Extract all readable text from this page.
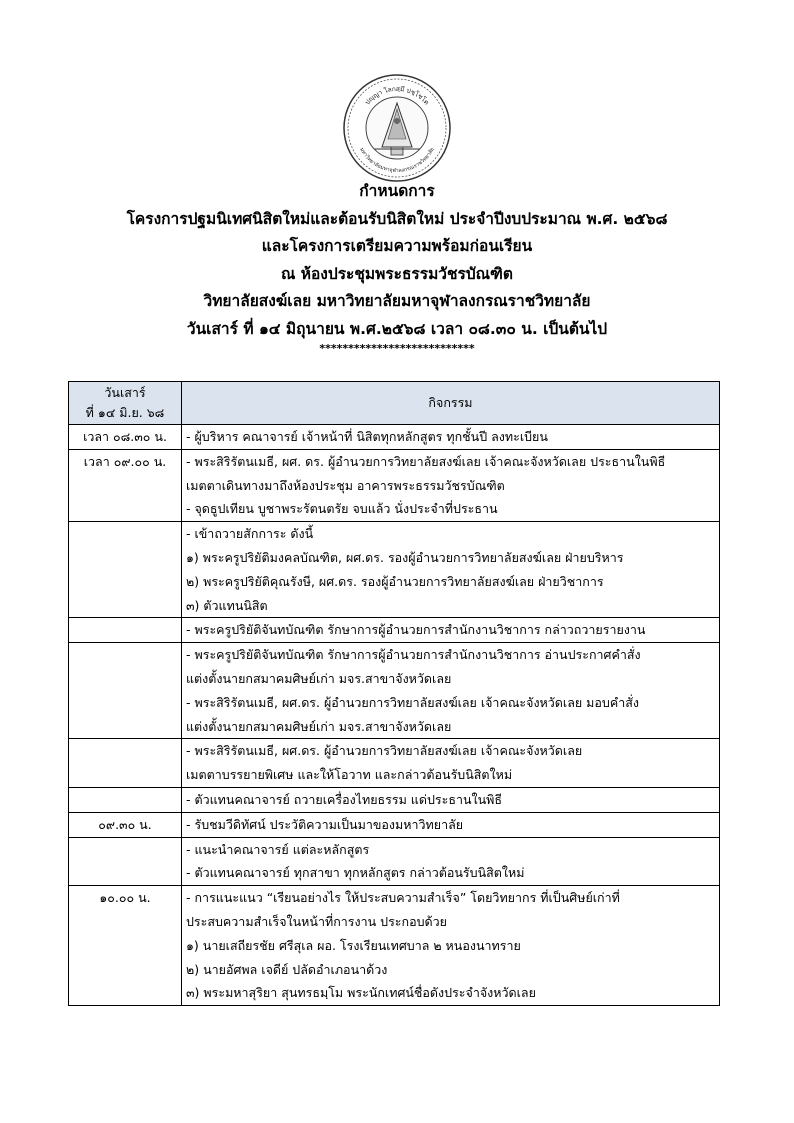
ปญฺญา โลกสฺมึ ปชฺโชโต
มหาวิทยาลัยมหาจุฬาลงกรณราชวิทยาลัย
กำหนดการ
โครงการปฐมนิเทศนิสิตใหม่และต้อนรับนิสิตใหม่ ประจำปีงบประมาณ พ.ศ. ๒๕๖๘
และโครงการเตรียมความพร้อมก่อนเรียน
ณ ห้องประชุมพระธรรมวัชรบัณฑิต
วิทยาลัยสงฆ์เลย มหาวิทยาลัยมหาจุฬาลงกรณราชวิทยาลัย
วันเสาร์ ที่ ๑๔ มิถุนายน พ.ศ.๒๕๖๘ เวลา ๐๘.๓๐ น. เป็นต้นไป
***************************
วันเสาร์
ที่ ๑๔ มิ.ย. ๖๘	กิจกรรม
เวลา ๐๘.๓๐ น.	- ผู้บริหาร คณาจารย์ เจ้าหน้าที่ นิสิตทุกหลักสูตร ทุกชั้นปี ลงทะเบียน

เวลา ๐๙.๐๐ น.	- พระสิริรัตนเมธี, ผศ. ดร. ผู้อำนวยการวิทยาลัยสงฆ์เลย เจ้าคณะจังหวัดเลย ประธานในพิธี
เมตตาเดินทางมาถึงห้องประชุม อาคารพระธรรมวัชรบัณฑิต
- จุดธูปเทียน บูชาพระรัตนตรัย จบแล้ว นั่งประจำที่ประธาน

	- เข้าถวายสักการะ ดังนี้
๑) พระครูปริยัติมงคลบัณฑิต, ผศ.ดร. รองผู้อำนวยการวิทยาลัยสงฆ์เลย ฝ่ายบริหาร
๒) พระครูปริยัติคุณรังษี, ผศ.ดร. รองผู้อำนวยการวิทยาลัยสงฆ์เลย ฝ่ายวิชาการ
๓) ตัวแทนนิสิต

	- พระครูปริยัติจันทบัณฑิต รักษาการผู้อำนวยการสำนักงานวิชาการ กล่าวถวายรายงาน

	- พระครูปริยัติจันทบัณฑิต รักษาการผู้อำนวยการสำนักงานวิชาการ อ่านประกาศคำสั่ง
แต่งตั้งนายกสมาคมศิษย์เก่า มจร.สาขาจังหวัดเลย
- พระสิริรัตนเมธี, ผศ.ดร. ผู้อำนวยการวิทยาลัยสงฆ์เลย เจ้าคณะจังหวัดเลย มอบคำสั่ง
แต่งตั้งนายกสมาคมศิษย์เก่า มจร.สาขาจังหวัดเลย

	- พระสิริรัตนเมธี, ผศ.ดร. ผู้อำนวยการวิทยาลัยสงฆ์เลย เจ้าคณะจังหวัดเลย
เมตตาบรรยายพิเศษ และให้โอวาท และกล่าวต้อนรับนิสิตใหม่

	- ตัวแทนคณาจารย์ ถวายเครื่องไทยธรรม แด่ประธานในพิธี

๐๙.๓๐ น.	- รับชมวีดิทัศน์ ประวัติความเป็นมาของมหาวิทยาลัย

	- แนะนำคณาจารย์ แต่ละหลักสูตร
- ตัวแทนคณาจารย์ ทุกสาขา ทุกหลักสูตร กล่าวต้อนรับนิสิตใหม่

๑๐.๐๐ น.	- การแนะแนว “เรียนอย่างไร ให้ประสบความสำเร็จ” โดยวิทยากร ที่เป็นศิษย์เก่าที่
ประสบความสำเร็จในหน้าที่การงาน ประกอบด้วย
๑) นายเสถียรชัย ศรีสุเล ผอ. โรงเรียนเทศบาล ๒ หนองนาทราย
๒) นายอัศพล เจดีย์ ปลัดอำเภอนาด้วง
๓) พระมหาสุริยา สุนทรธมฺโม พระนักเทศน์ชื่อดังประจำจังหวัดเลย
